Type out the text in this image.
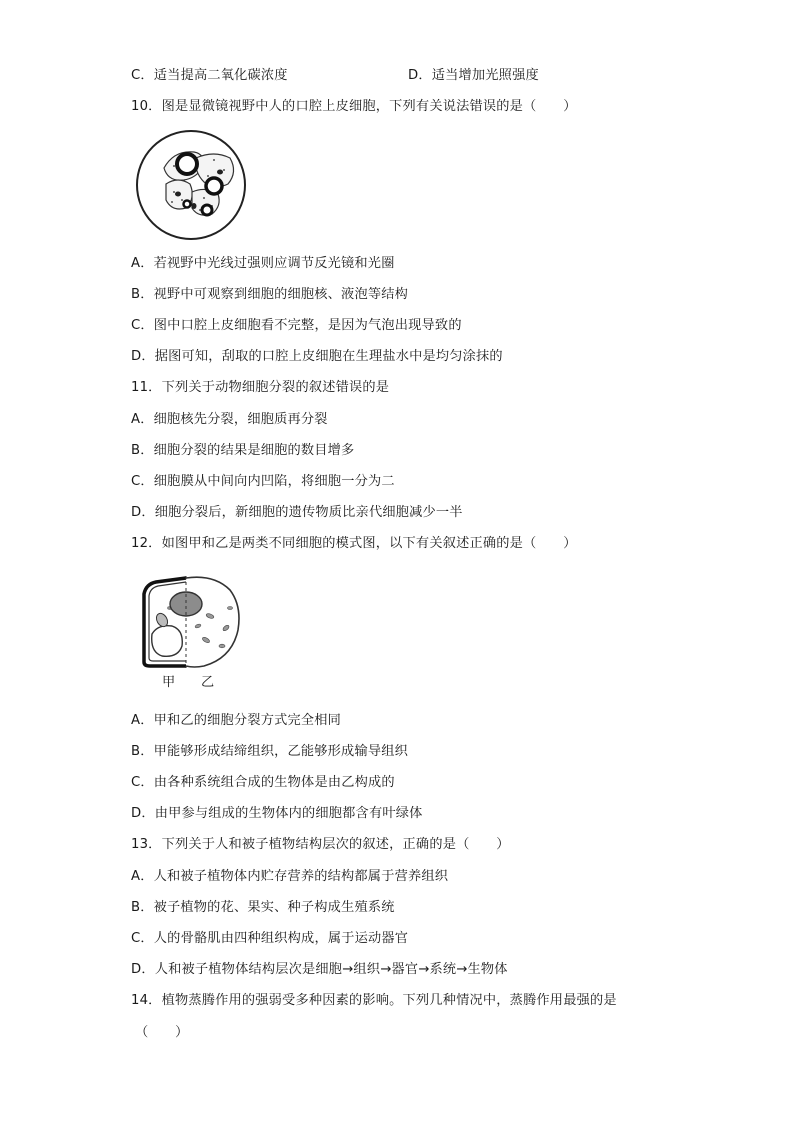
C．适当提高二氧化碳浓度	D．适当增加光照强度
10．图是显微镜视野中人的口腔上皮细胞，下列有关说法错误的是（　　）
A．若视野中光线过强则应调节反光镜和光圈
B．视野中可观察到细胞的细胞核、液泡等结构
C．图中口腔上皮细胞看不完整，是因为气泡出现导致的
D．据图可知，刮取的口腔上皮细胞在生理盐水中是均匀涂抹的
11．下列关于动物细胞分裂的叙述错误的是
A．细胞核先分裂，细胞质再分裂
B．细胞分裂的结果是细胞的数目增多
C．细胞膜从中间向内凹陷，将细胞一分为二
D．细胞分裂后，新细胞的遗传物质比亲代细胞减少一半
12．如图甲和乙是两类不同细胞的模式图，以下有关叙述正确的是（　　）
甲 乙
A．甲和乙的细胞分裂方式完全相同
B．甲能够形成结缔组织，乙能够形成输导组织
C．由各种系统组合成的生物体是由乙构成的
D．由甲参与组成的生物体内的细胞都含有叶绿体
13．下列关于人和被子植物结构层次的叙述，正确的是（　　）
A．人和被子植物体内贮存营养的结构都属于营养组织
B．被子植物的花、果实、种子构成生殖系统
C．人的骨骼肌由四种组织构成，属于运动器官
D．人和被子植物体结构层次是细胞→组织→器官→系统→生物体
14．植物蒸腾作用的强弱受多种因素的影响。下列几种情况中，蒸腾作用最强的是
（　　）
